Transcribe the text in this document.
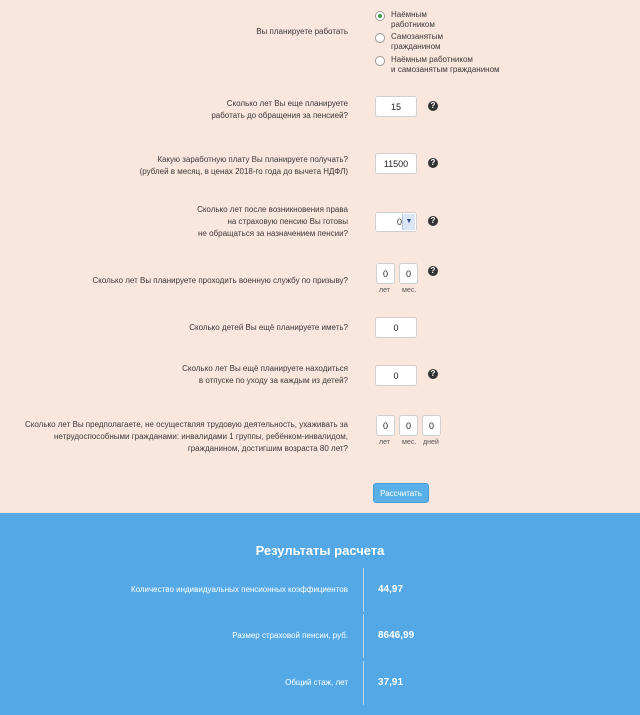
Вы планируете работать
Наёмным
работником
Самозанятым
гражданином
Наёмным работником
и самозанятым гражданином
Сколько лет Вы еще планируете
работать до обращения за пенсией?
15	?
Какую заработную плату Вы планируете получать?
(рублей в месяц, в ценах 2018-го года до вычета НДФЛ)
11500	?
Сколько лет после возникновения права
на страховую пенсию Вы готовы
не обращаться за назначением пенсии?
0 ▼	?
Сколько лет Вы планируете проходить военную службу по призыву?
0	0	?
лет мес.
Сколько детей Вы ещё планируете иметь?	0
Сколько лет Вы ещё планируете находиться
в отпуске по уходу за каждым из детей?	0	?
Сколько лет Вы предполагаете, не осуществляя трудовую деятельность, ухаживать за
нетрудоспособными гражданами: инвалидами 1 группы, ребёнком-инвалидом,
гражданином, достигшим возраста 80 лет?
0	0	0
лет мес. дней
Рассчитать
Результаты расчета
Количество индивидуальных пенсионных коэффициентов	44,97
Размер страховой пенсии, руб.	8646,99
Общий стаж, лет	37,91
